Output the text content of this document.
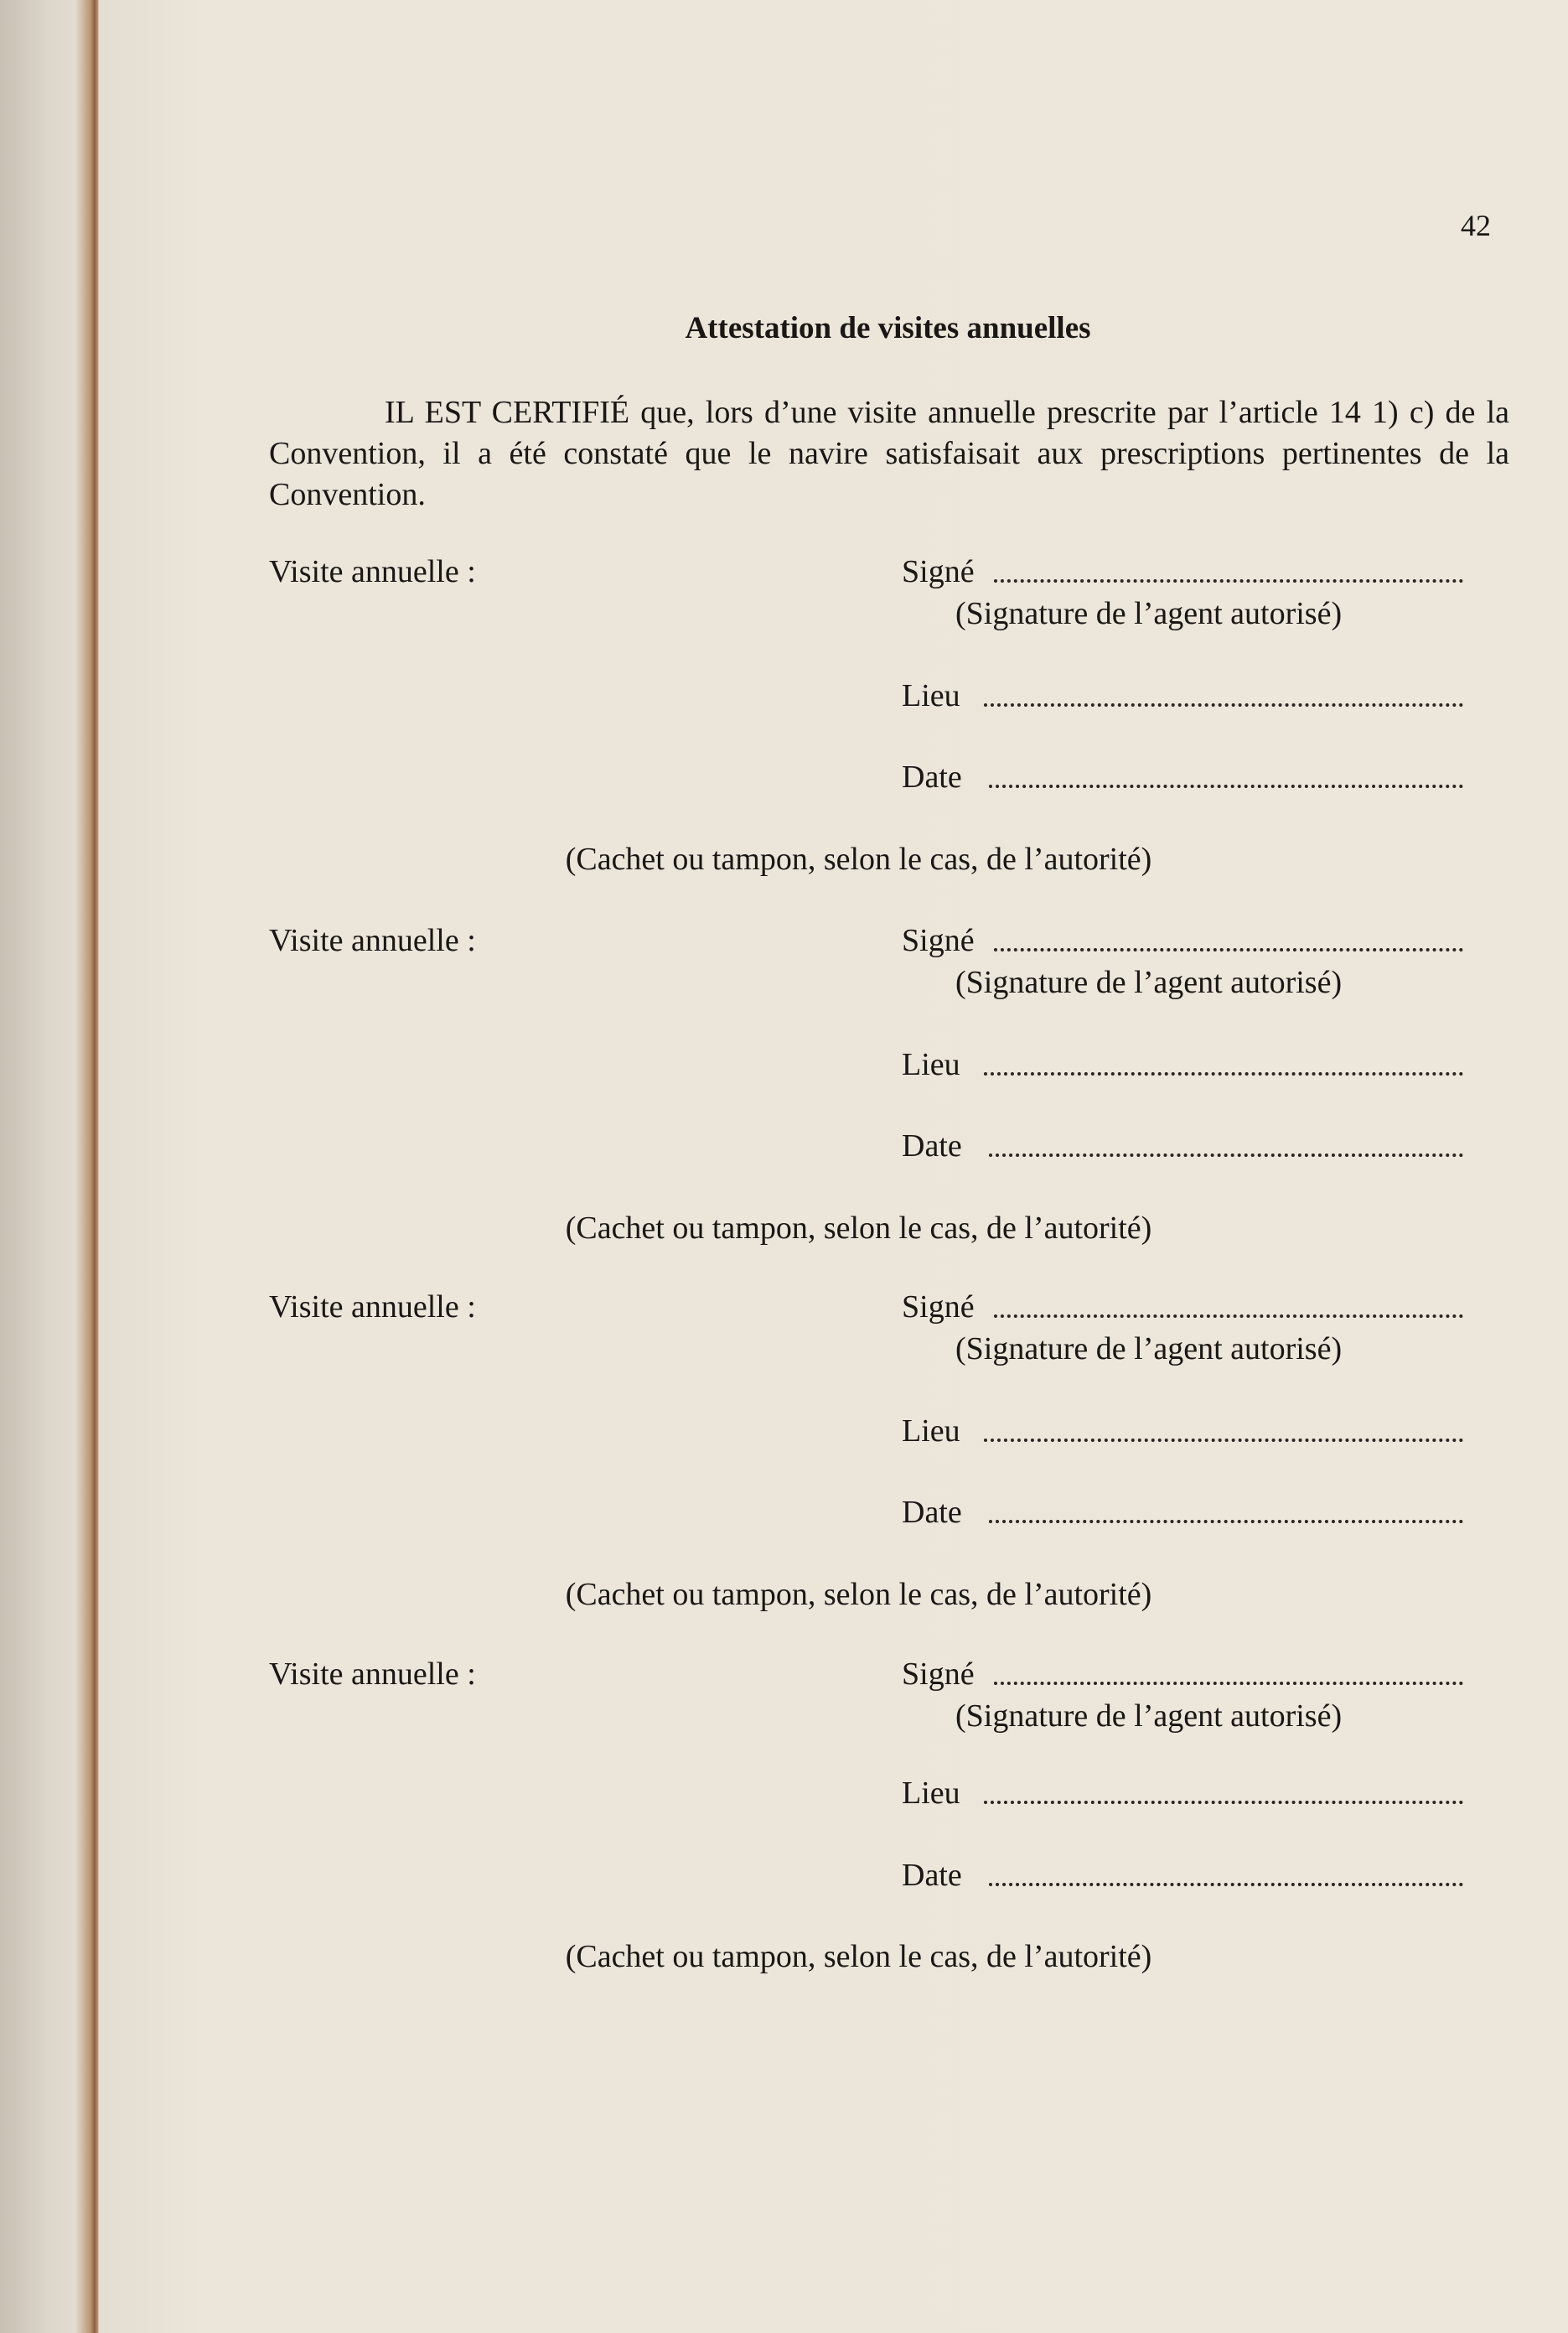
42
Attestation de visites annuelles

IL EST CERTIFIÉ que, lors d’une visite annuelle prescrite par l’article 14 1) c) de la Convention, il a été constaté que le navire satisfaisait aux prescriptions pertinentes de la Convention.

Visite annuelle :	Signé
(Signature de l’agent autorisé)
Lieu
Date
(Cachet ou tampon, selon le cas, de l’autorité)
Visite annuelle :	Signé
(Signature de l’agent autorisé)
Lieu
Date
(Cachet ou tampon, selon le cas, de l’autorité)
Visite annuelle :	Signé
(Signature de l’agent autorisé)
Lieu
Date
(Cachet ou tampon, selon le cas, de l’autorité)
Visite annuelle :	Signé
(Signature de l’agent autorisé)
Lieu
Date
(Cachet ou tampon, selon le cas, de l’autorité)
